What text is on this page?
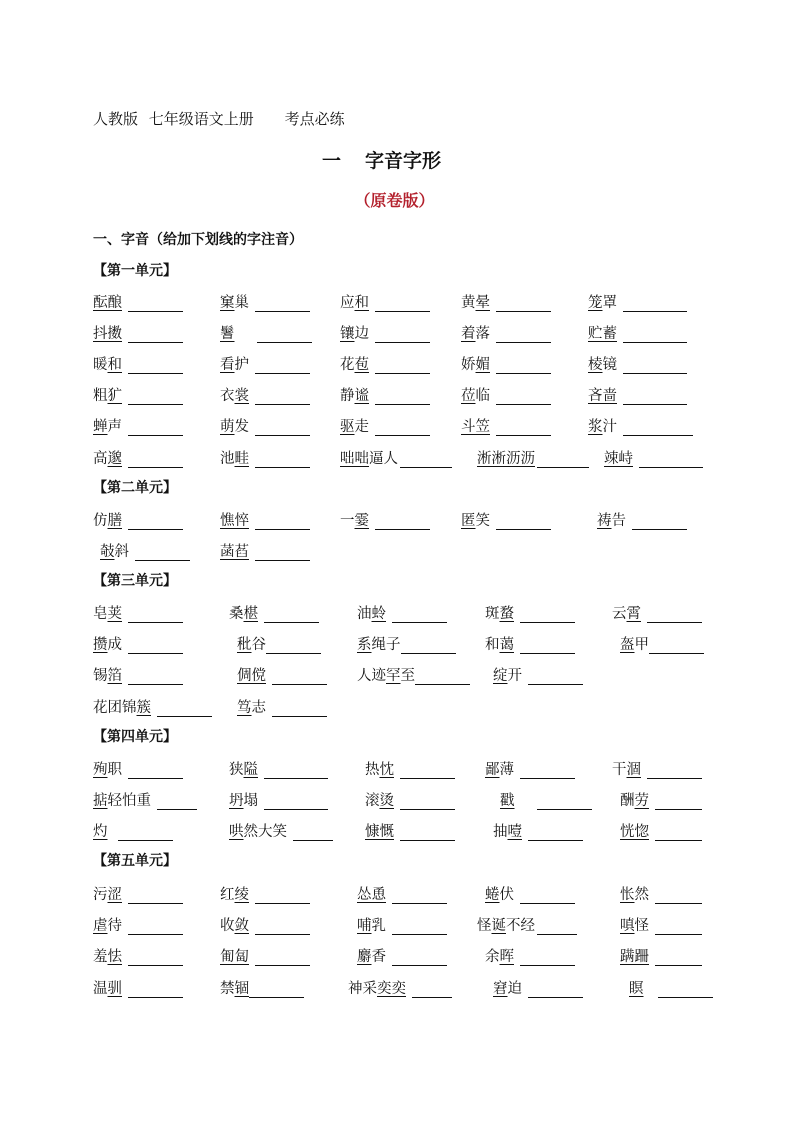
人教版 七年级语文上册 考点必练
一 字音字形
（原卷版）
一、字音（给加下划线的字注音）
【第一单元】
酝酿	窠巢	应和	黄晕	笼罩
抖擞	鬐	镶边	着落	贮蓄
暖和	看护	花苞	娇媚	棱镜
粗犷	衣裳	静谧	莅临	吝啬
蝉声	萌发	驱走	斗笠	浆汁
高邈	池畦	咄咄逼人	淅淅沥沥	竦峙
【第二单元】
仿膳	憔悴	一霎	匿笑	祷告
攲斜	菡萏
【第三单元】
皂荚	桑椹	油蛉	斑蝥	云霄
攒成	秕谷	系绳子	和蔼	盔甲
锡箔	倜傥	人迹罕至	绽开
花团锦簇	笃志
【第四单元】
殉职	狭隘	热忱	鄙薄	干涸
掂轻怕重	坍塌	滚烫	戳	酬劳
灼	哄然大笑	慷慨	抽噎	恍惚
【第五单元】
污涩	红绫	怂恿	蜷伏	怅然
虐待	收敛	哺乳	怪诞不经	嗔怪
羞怯	匍匐	麝香	余晖	蹒跚
温驯	禁锢	神采奕奕	窘迫	瞑
